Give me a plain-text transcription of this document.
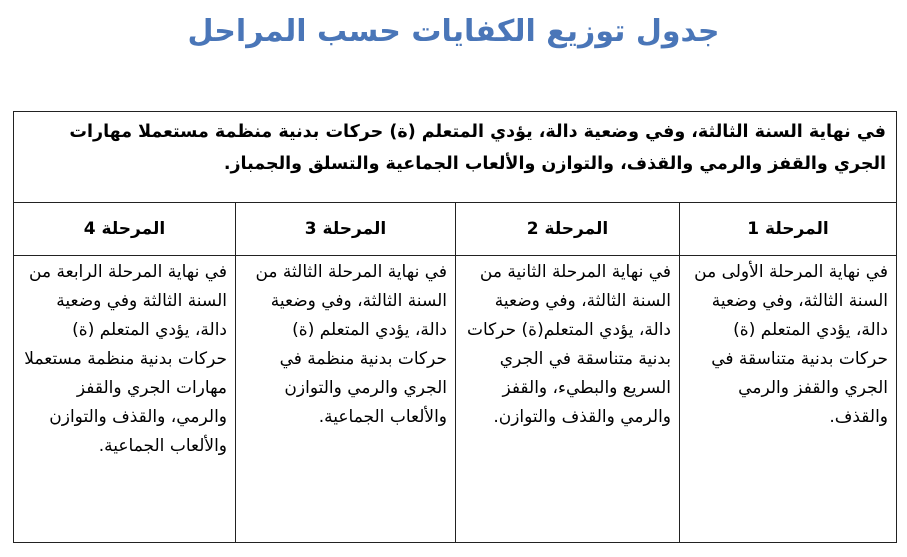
جدول توزيع الكفايات حسب المراحل
في نهاية السنة الثالثة، وفي وضعية دالة، يؤدي المتعلم (ة) حركات بدنية منظمة مستعملا مهارات الجري والقفز والرمي والقذف، والتوازن والألعاب الجماعية والتسلق والجمباز.			
المرحلة 1	المرحلة 2	المرحلة 3	المرحلة 4

في نهاية المرحلة الأولى من السنة الثالثة، وفي وضعية دالة، يؤدي المتعلم (ة) حركات بدنية متناسقة في الجري والقفز والرمي والقذف.	في نهاية المرحلة الثانية من السنة الثالثة، وفي وضعية دالة، يؤدي المتعلم(ة) حركات بدنية متناسقة في الجري السريع والبطيء، والقفز والرمي والقذف والتوازن.	في نهاية المرحلة الثالثة من السنة الثالثة، وفي وضعية دالة، يؤدي المتعلم (ة) حركات بدنية منظمة في الجري والرمي والتوازن والألعاب الجماعية.	في نهاية المرحلة الرابعة من السنة الثالثة وفي وضعية دالة، يؤدي المتعلم (ة) حركات بدنية منظمة مستعملا مهارات الجري والقفز والرمي، والقذف والتوازن والألعاب الجماعية.
